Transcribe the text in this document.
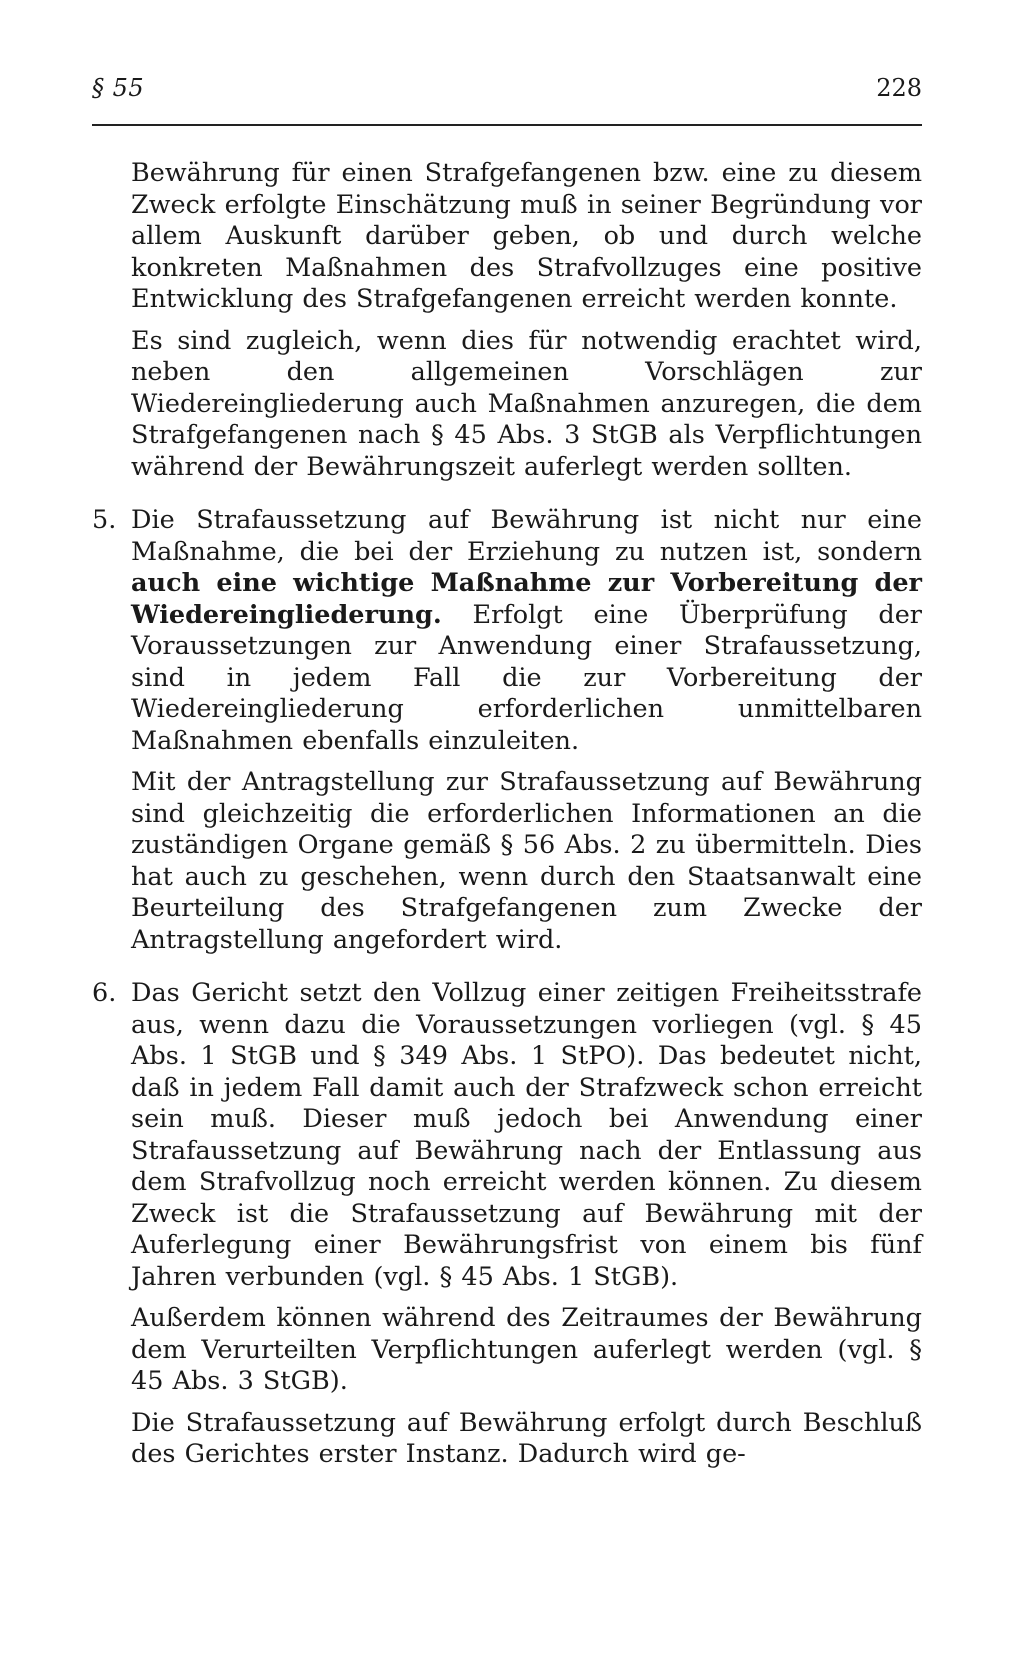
§ 55	228

Bewährung für einen Strafgefangenen bzw. eine zu diesem Zweck erfolgte Einschätzung muß in seiner Begründung vor allem Auskunft darüber geben, ob und durch welche konkreten Maßnahmen des Strafvollzuges eine positive Entwicklung des Strafgefangenen erreicht werden konnte.

Es sind zugleich, wenn dies für notwendig erachtet wird, neben den allgemeinen Vorschlägen zur Wiedereingliederung auch Maßnahmen anzuregen, die dem Strafgefangenen nach § 45 Abs. 3 StGB als Verpflichtungen während der Bewährungszeit auferlegt werden sollten.

5. Die Strafaussetzung auf Bewährung ist nicht nur eine Maßnahme, die bei der Erziehung zu nutzen ist, sondern auch eine wichtige Maßnahme zur Vorbereitung der Wiedereingliederung. Erfolgt eine Überprüfung der Voraussetzungen zur Anwendung einer Strafaussetzung, sind in jedem Fall die zur Vorbereitung der Wiedereingliederung erforderlichen unmittelbaren Maßnahmen ebenfalls einzuleiten.

Mit der Antragstellung zur Strafaussetzung auf Bewährung sind gleichzeitig die erforderlichen Informationen an die zuständigen Organe gemäß § 56 Abs. 2 zu übermitteln. Dies hat auch zu geschehen, wenn durch den Staatsanwalt eine Beurteilung des Strafgefangenen zum Zwecke der Antragstellung angefordert wird.

6. Das Gericht setzt den Vollzug einer zeitigen Freiheitsstrafe aus, wenn dazu die Voraussetzungen vorliegen (vgl. § 45 Abs. 1 StGB und § 349 Abs. 1 StPO). Das bedeutet nicht, daß in jedem Fall damit auch der Strafzweck schon erreicht sein muß. Dieser muß jedoch bei Anwendung einer Strafaussetzung auf Bewährung nach der Entlassung aus dem Strafvollzug noch erreicht werden können. Zu diesem Zweck ist die Strafaussetzung auf Bewährung mit der Auferlegung einer Bewährungsfrist von einem bis fünf Jahren verbunden (vgl. § 45 Abs. 1 StGB).

Außerdem können während des Zeitraumes der Bewährung dem Verurteilten Verpflichtungen auferlegt werden (vgl. § 45 Abs. 3 StGB).

Die Strafaussetzung auf Bewährung erfolgt durch Beschluß des Gerichtes erster Instanz. Dadurch wird ge-
